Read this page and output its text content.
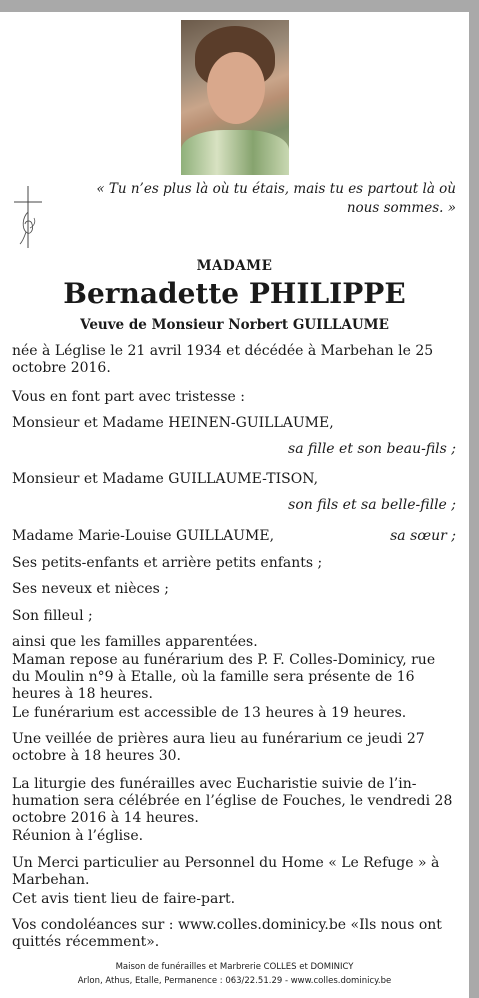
« Tu n’es plus là où tu étais, mais tu es partout là où nous sommes. »
MADAME
Bernadette PHILIPPE
Veuve de Monsieur Norbert GUILLAUME
née à Léglise le 21 avril 1934 et décédée à Marbehan le 25 octobre 2016.
Vous en font part avec tristesse :
Monsieur et Madame HEINEN-GUILLAUME,
sa fille et son beau-fils ;
Monsieur et Madame GUILLAUME-TISON,
son fils et sa belle-fille ;
Madame Marie-Louise GUILLAUME,	sa sœur ;
Ses petits-enfants et arrière petits enfants ;
Ses neveux et nièces ;
Son filleul ;
ainsi que les familles apparentées.
Maman repose au funérarium des P. F. Colles-Dominicy, rue du Moulin n°9 à Etalle, où la famille sera présente de 16 heures à 18 heures.
Le funérarium est accessible de 13 heures à 19 heures.
Une veillée de prières aura lieu au funérarium ce jeudi 27 octobre à 18 heures 30.
La liturgie des funérailles avec Eucharistie suivie de l’inhumation sera célébrée en l’église de Fouches, le vendredi 28 octobre 2016 à 14 heures.
Réunion à l’église.
Un Merci particulier au Personnel du Home « Le Refuge » à Marbehan.
Cet avis tient lieu de faire-part.
Vos condoléances sur : www.colles.dominicy.be «Ils nous ont quittés récemment».
Maison de funérailles et Marbrerie COLLES et DOMINICY
Arlon, Athus, Etalle, Permanence : 063/22.51.29 - www.colles.dominicy.be
